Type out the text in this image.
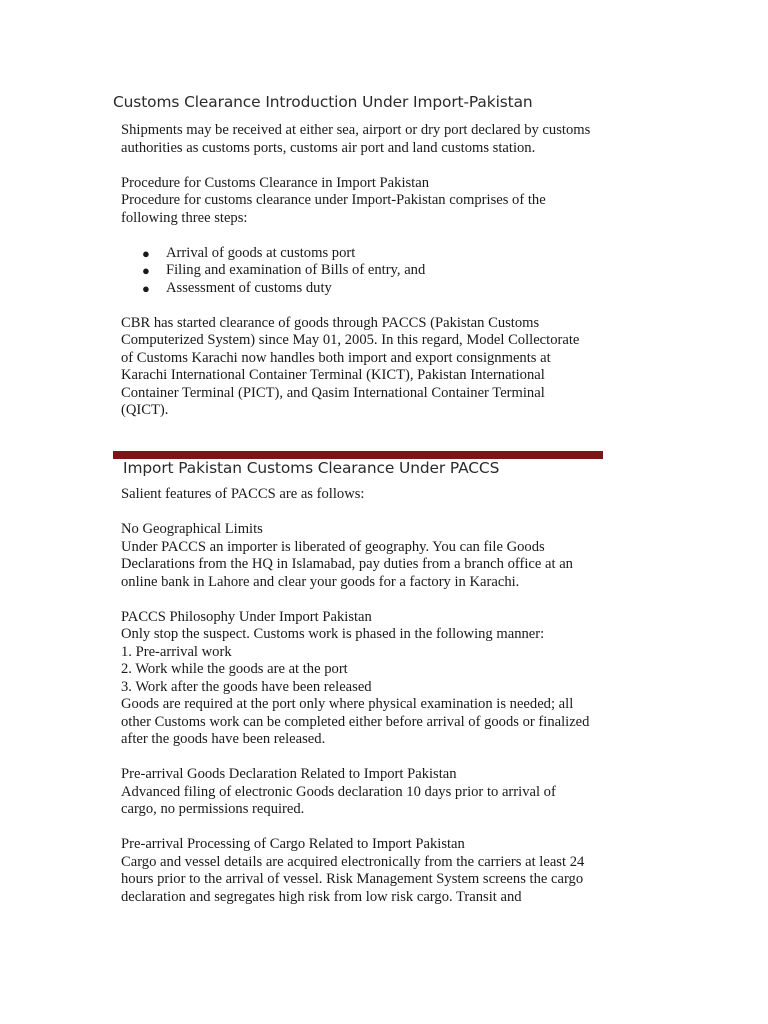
Customs Clearance Introduction Under Import-Pakistan

Shipments may be received at either sea, airport or dry port declared by customs authorities as customs ports, customs air port and land customs station.

Procedure for Customs Clearance in Import Pakistan

Procedure for customs clearance under Import-Pakistan comprises of the following three steps:

● Arrival of goods at customs port
● Filing and examination of Bills of entry, and
● Assessment of customs duty

CBR has started clearance of goods through PACCS (Pakistan Customs Computerized System) since May 01, 2005. In this regard, Model Collectorate of Customs Karachi now handles both import and export consignments at Karachi International Container Terminal (KICT), Pakistan International Container Terminal (PICT), and Qasim International Container Terminal (QICT).

Import Pakistan Customs Clearance Under PACCS

Salient features of PACCS are as follows:

No Geographical Limits

Under PACCS an importer is liberated of geography. You can file Goods Declarations from the HQ in Islamabad, pay duties from a branch office at an online bank in Lahore and clear your goods for a factory in Karachi.

PACCS Philosophy Under Import Pakistan

Only stop the suspect. Customs work is phased in the following manner:

1. Pre-arrival work

2. Work while the goods are at the port

3. Work after the goods have been released

Goods are required at the port only where physical examination is needed; all other Customs work can be completed either before arrival of goods or finalized after the goods have been released.

Pre-arrival Goods Declaration Related to Import Pakistan

Advanced filing of electronic Goods declaration 10 days prior to arrival of cargo, no permissions required.

Pre-arrival Processing of Cargo Related to Import Pakistan

Cargo and vessel details are acquired electronically from the carriers at least 24 hours prior to the arrival of vessel. Risk Management System screens the cargo declaration and segregates high risk from low risk cargo. Transit and
